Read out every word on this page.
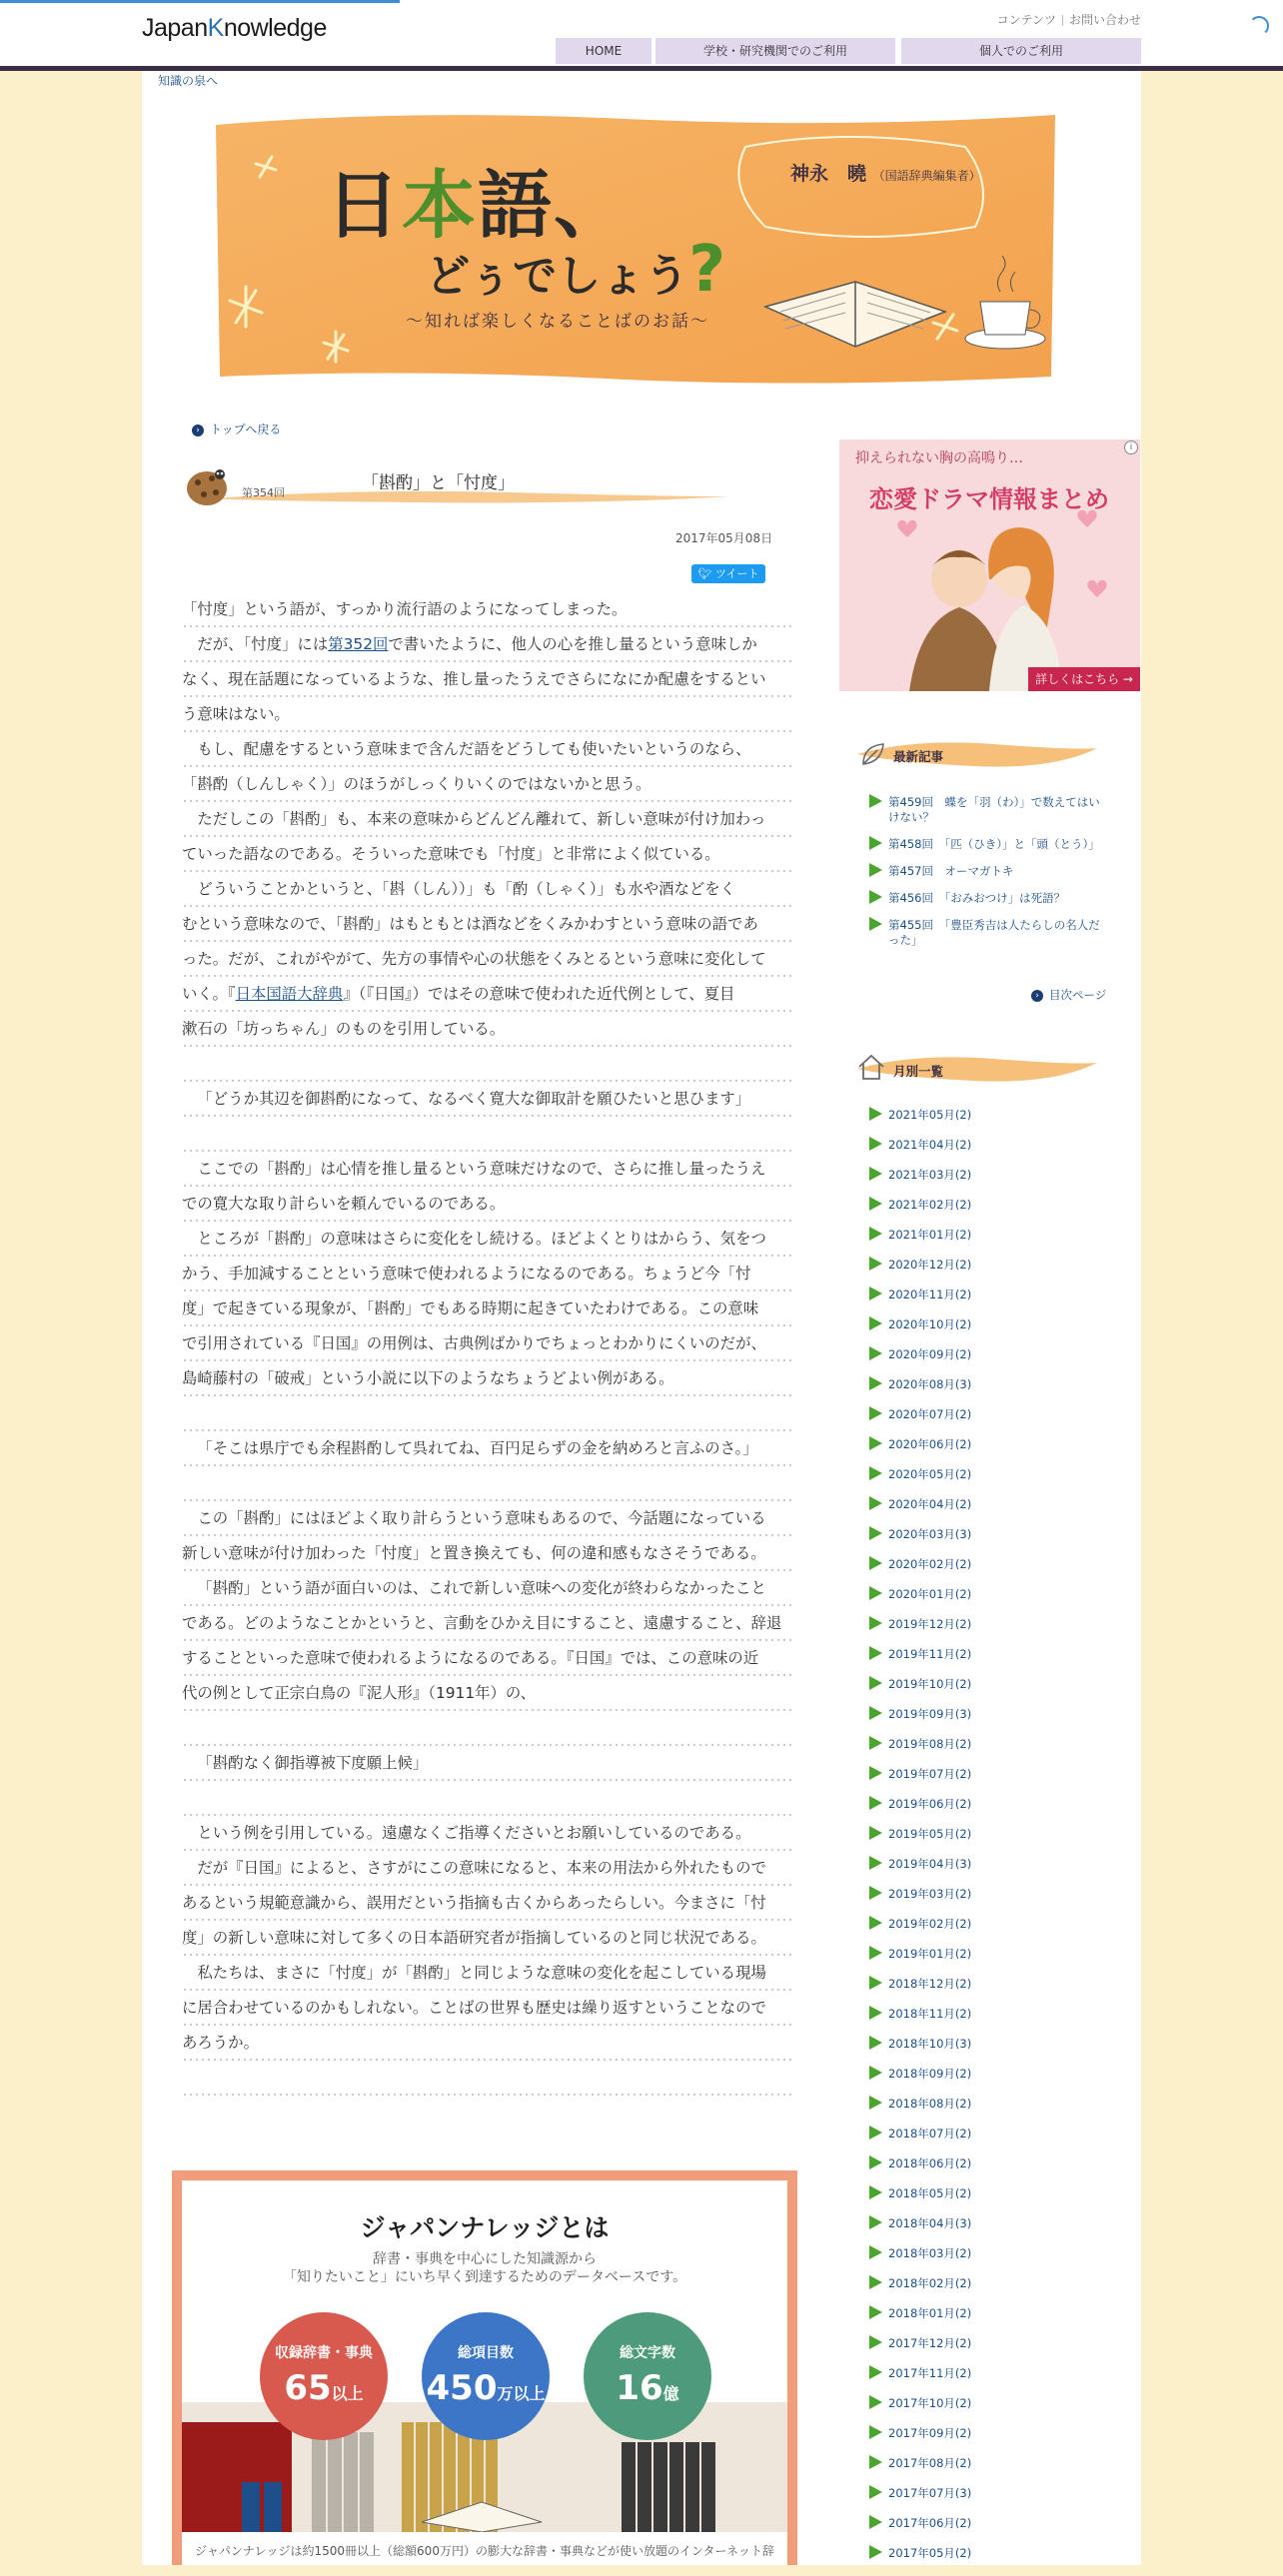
JapanKnowledge	コンテンツ お問い合わせ
HOME	学校・研究機関でのご利用	個人でのご利用
知識の泉へ
日本語、
どぅでしょう?
〜知れば楽しくなることばのお話〜
神永　曉 （国語辞典編集者）
› トップへ戻る
「斟酌」と「忖度」
第354回
2017年05月08日
🐦︎ ツイート
「忖度」という語が、すっかり流行語のようになってしまった。
だが、「忖度」には第352回で書いたように、他人の心を推し量るという意味しか
なく、現在話題になっているような、推し量ったうえでさらになにか配慮をするとい
う意味はない。
もし、配慮をするという意味まで含んだ語をどうしても使いたいというのなら、
「斟酌（しんしゃく）」のほうがしっくりいくのではないかと思う。
ただしこの「斟酌」も、本来の意味からどんどん離れて、新しい意味が付け加わっ
ていった語なのである。そういった意味でも「忖度」と非常によく似ている。
どういうことかというと、「斟（しん））」も「酌（しゃく）」も水や酒などをく
むという意味なので、「斟酌」はもともとは酒などをくみかわすという意味の語であ
った。だが、これがやがて、先方の事情や心の状態をくみとるという意味に変化して
いく。『日本国語大辞典』（『日国』）ではその意味で使われた近代例として、夏目
漱石の「坊っちゃん」のものを引用している。
「どうか其辺を御斟酌になって、なるべく寛大な御取計を願ひたいと思ひます」
ここでの「斟酌」は心情を推し量るという意味だけなので、さらに推し量ったうえ
での寛大な取り計らいを頼んでいるのである。
ところが「斟酌」の意味はさらに変化をし続ける。ほどよくとりはからう、気をつ
かう、手加減することという意味で使われるようになるのである。ちょうど今「忖
度」で起きている現象が、「斟酌」でもある時期に起きていたわけである。この意味
で引用されている『日国』の用例は、古典例ばかりでちょっとわかりにくいのだが、
島崎藤村の「破戒」という小説に以下のようなちょうどよい例がある。
「そこは県庁でも余程斟酌して呉れてね、百円足らずの金を納めろと言ふのさ。」
この「斟酌」にはほどよく取り計らうという意味もあるので、今話題になっている
新しい意味が付け加わった「忖度」と置き換えても、何の違和感もなさそうである。
「斟酌」という語が面白いのは、これで新しい意味への変化が終わらなかったこと
である。どのようなことかというと、言動をひかえ目にすること、遠慮すること、辞退
することといった意味で使われるようになるのである。『日国』では、この意味の近
代の例として正宗白鳥の『泥人形』（1911年）の、
「斟酌なく御指導被下度願上候」
という例を引用している。遠慮なくご指導くださいとお願いしているのである。
だが『日国』によると、さすがにこの意味になると、本来の用法から外れたもので
あるという規範意識から、誤用だという指摘も古くからあったらしい。今まさに「忖
度」の新しい意味に対して多くの日本語研究者が指摘しているのと同じ状況である。
私たちは、まさに「忖度」が「斟酌」と同じような意味の変化を起こしている現場
に居合わせているのかもしれない。ことばの世界も歴史は繰り返すということなので
あろうか。
ジャパンナレッジとは
辞書・事典を中心にした知識源から
「知りたいこと」にいち早く到達するためのデータベースです。
収録辞書・事典
65以上
総項目数
450万以上
総文字数
16億
ジャパンナレッジは約1500冊以上（総額600万円）の膨大な辞書・事典などが使い放題のインターネット辞
抑えられない胸の高鳴り…
恋愛ドラマ情報まとめ
詳しくはこちら →
i
最新記事
第459回　蝶を「羽（わ）」で数えてはいけない？
第458回　「匹（ひき）」と「頭（とう）」
第457回　オーマガトキ
第456回　「おみおつけ」は死語？
第455回　「豊臣秀吉は人たらしの名人だった」
› 目次ページ
月別一覧
2021年05月(2)
2021年04月(2)
2021年03月(2)
2021年02月(2)
2021年01月(2)
2020年12月(2)
2020年11月(2)
2020年10月(2)
2020年09月(2)
2020年08月(3)
2020年07月(2)
2020年06月(2)
2020年05月(2)
2020年04月(2)
2020年03月(3)
2020年02月(2)
2020年01月(2)
2019年12月(2)
2019年11月(2)
2019年10月(2)
2019年09月(3)
2019年08月(2)
2019年07月(2)
2019年06月(2)
2019年05月(2)
2019年04月(3)
2019年03月(2)
2019年02月(2)
2019年01月(2)
2018年12月(2)
2018年11月(2)
2018年10月(3)
2018年09月(2)
2018年08月(2)
2018年07月(2)
2018年06月(2)
2018年05月(2)
2018年04月(3)
2018年03月(2)
2018年02月(2)
2018年01月(2)
2017年12月(2)
2017年11月(2)
2017年10月(2)
2017年09月(2)
2017年08月(2)
2017年07月(3)
2017年06月(2)
2017年05月(2)
